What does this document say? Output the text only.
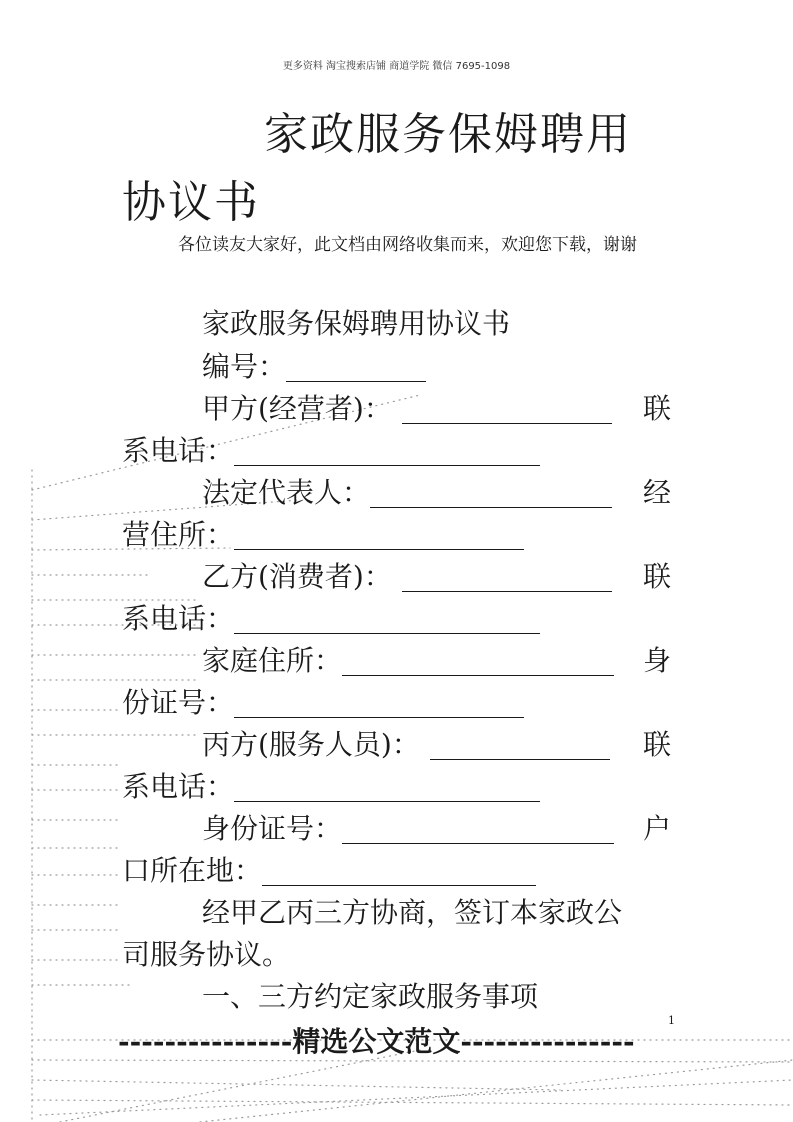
更多资料 淘宝搜索店铺 商道学院 微信 7695-1098
家政服务保姆聘用
协议书
各位读友大家好，此文档由网络收集而来，欢迎您下载，谢谢
家政服务保姆聘用协议书
编号：
甲方(经营者)：	联
系电话：
法定代表人：	经
营住所：
乙方(消费者)：	联
系电话：
家庭住所：	身
份证号：
丙方(服务人员)：	联
系电话：
身份证号：	户
口所在地：
经甲乙丙三方协商，签订本家政公
司服务协议。
一、三方约定家政服务事项
1
---------------精选公文范文---------------
